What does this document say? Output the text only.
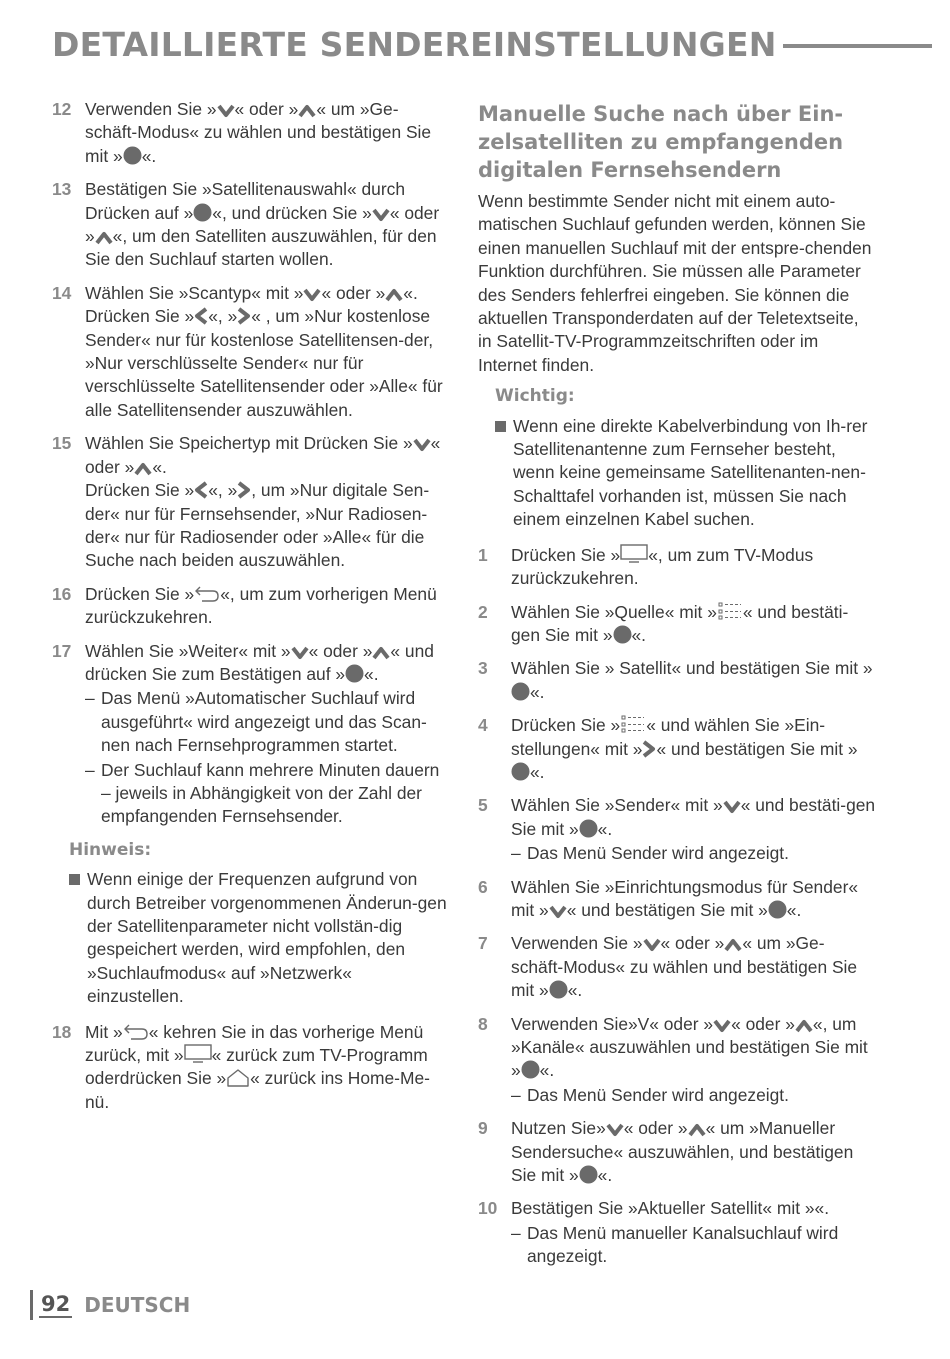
DETAILLIERTE SENDEREINSTELLUNGEN
12 Verwenden Sie » « oder » « um »Ge-schäft-Modus« zu wählen und bestätigen Sie mit » «.
13 Bestätigen Sie »Satellitenauswahl« durch Drücken auf » «, und drücken Sie » « oder » «, um den Satelliten auszuwählen, für den Sie den Suchlauf starten wollen.
14 Wählen Sie »Scantyp« mit » « oder » «. Drücken Sie » «, » « , um »Nur kostenlose Sender« nur für kostenlose Satellitensen-der, »Nur verschlüsselte Sender« nur für verschlüsselte Satellitensender oder »Alle« für alle Satellitensender auszuwählen.
15 Wählen Sie Speichertyp mit Drücken Sie » « oder » «.

Drücken Sie » «, » , um »Nur digitale Sen-der« nur für Fernsehsender, »Nur Radiosen-der« nur für Radiosender oder »Alle« für die Suche nach beiden auszuwählen.

16 Drücken Sie » «, um zum vorherigen Menü zurückzukehren.
17 Wählen Sie »Weiter« mit » « oder » « und drücken Sie zum Bestätigen auf » «.

– Das Menü »Automatischer Suchlauf wird ausgeführt« wird angezeigt und das Scan-nen nach Fernsehprogrammen startet.
– Der Suchlauf kann mehrere Minuten dauern – jeweils in Abhängigkeit von der Zahl der empfangenden Fernsehsender.
Hinweis:
Wenn einige der Frequenzen aufgrund von durch Betreiber vorgenommenen Änderun-gen der Satellitenparameter nicht vollstän-dig gespeichert werden, wird empfohlen, den »Suchlaufmodus« auf »Netzwerk« einzustellen.
18 Mit » « kehren Sie in das vorherige Menü zurück, mit » « zurück zum TV-Programm oderdrücken Sie » « zurück ins Home-Me-nü.
Manuelle Suche nach über Ein-zelsatelliten zu empfangenden digitalen Fernsehsendern

Wenn bestimmte Sender nicht mit einem auto-matischen Suchlauf gefunden werden, können Sie einen manuellen Suchlauf mit der entspre-chenden Funktion durchführen. Sie müssen alle Parameter des Senders fehlerfrei eingeben. Sie können die aktuellen Transponderdaten auf der Teletextseite, in Satellit-TV-Programmzeitschriften oder im Internet finden.

Wichtig:
Wenn eine direkte Kabelverbindung von Ih-rer Satellitenantenne zum Fernseher besteht, wenn keine gemeinsame Satellitenanten-nen-Schalttafel vorhanden ist, müssen Sie nach einem einzelnen Kabel suchen.
1	Drücken Sie » «, um zum TV-Modus zurückzukehren.
2	Wählen Sie »Quelle« mit » « und bestäti-gen Sie mit » «.
3	Wählen Sie » Satellit« und bestätigen Sie mit »
«.
4	Drücken Sie » « und wählen Sie »Ein-stellungen« mit » « und bestätigen Sie mit »
«.
5	Wählen Sie »Sender« mit » « und bestäti-gen Sie mit » «.

– Das Menü Sender wird angezeigt.
6	Wählen Sie »Einrichtungsmodus für Sender« mit » « und bestätigen Sie mit » «.
7	Verwenden Sie » « oder » « um »Ge-schäft-Modus« zu wählen und bestätigen Sie mit » «.
8	Verwenden Sie»V« oder » « oder » «, um »Kanäle« auszuwählen und bestätigen Sie mit » «.

– Das Menü Sender wird angezeigt.
9	Nutzen Sie» « oder » « um »Manueller Sendersuche« auszuwählen, und bestätigen Sie mit » «.
10 Bestätigen Sie »Aktueller Satellit« mit »«.

– Das Menü manueller Kanalsuchlauf wird angezeigt.
92 DEUTSCH
